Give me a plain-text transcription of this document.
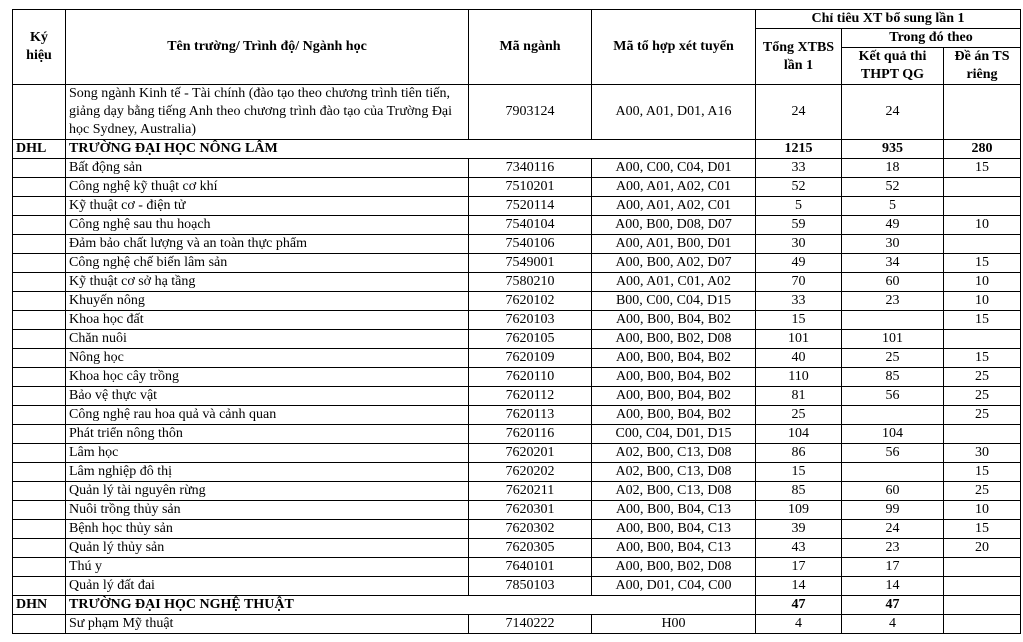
Ký hiệu	Tên trường/ Trình độ/ Ngành học	Mã ngành	Mã tổ hợp xét tuyển	Chỉ tiêu XT bổ sung lần 1		
				Tổng XTBS lần 1	Trong đó theo	
					Kết quả thi THPT QG	Đề án TS riêng
	Song ngành Kinh tế - Tài chính (đào tạo theo chương trình tiên tiến, giảng dạy bằng tiếng Anh theo chương trình đào tạo của Trường Đại học Sydney, Australia)	7903124	A00, A01, D01, A16	24	24	
DHL	TRƯỜNG ĐẠI HỌC NÔNG LÂM			1215	935	280
	Bất động sản	7340116	A00, C00, C04, D01	33	18	15
	Công nghệ kỹ thuật cơ khí	7510201	A00, A01, A02, C01	52	52	
	Kỹ thuật cơ - điện tử	7520114	A00, A01, A02, C01	5	5	
	Công nghệ sau thu hoạch	7540104	A00, B00, D08, D07	59	49	10
	Đảm bảo chất lượng và an toàn thực phẩm	7540106	A00, A01, B00, D01	30	30	
	Công nghệ chế biến lâm sản	7549001	A00, B00, A02, D07	49	34	15
	Kỹ thuật cơ sở hạ tầng	7580210	A00, A01, C01, A02	70	60	10
	Khuyến nông	7620102	B00, C00, C04, D15	33	23	10
	Khoa học đất	7620103	A00, B00, B04, B02	15		15
	Chăn nuôi	7620105	A00, B00, B02, D08	101	101	
	Nông học	7620109	A00, B00, B04, B02	40	25	15
	Khoa học cây trồng	7620110	A00, B00, B04, B02	110	85	25
	Bảo vệ thực vật	7620112	A00, B00, B04, B02	81	56	25
	Công nghệ rau hoa quả và cảnh quan	7620113	A00, B00, B04, B02	25		25
	Phát triển nông thôn	7620116	C00, C04, D01, D15	104	104	
	Lâm học	7620201	A02, B00, C13, D08	86	56	30
	Lâm nghiệp đô thị	7620202	A02, B00, C13, D08	15		15
	Quản lý tài nguyên rừng	7620211	A02, B00, C13, D08	85	60	25
	Nuôi trồng thủy sản	7620301	A00, B00, B04, C13	109	99	10
	Bệnh học thủy sản	7620302	A00, B00, B04, C13	39	24	15
	Quản lý thủy sản	7620305	A00, B00, B04, C13	43	23	20
	Thú y	7640101	A00, B00, B02, D08	17	17	
	Quản lý đất đai	7850103	A00, D01, C04, C00	14	14	
DHN	TRƯỜNG ĐẠI HỌC NGHỆ THUẬT			47	47	
	Sư phạm Mỹ thuật	7140222	H00	4	4	
